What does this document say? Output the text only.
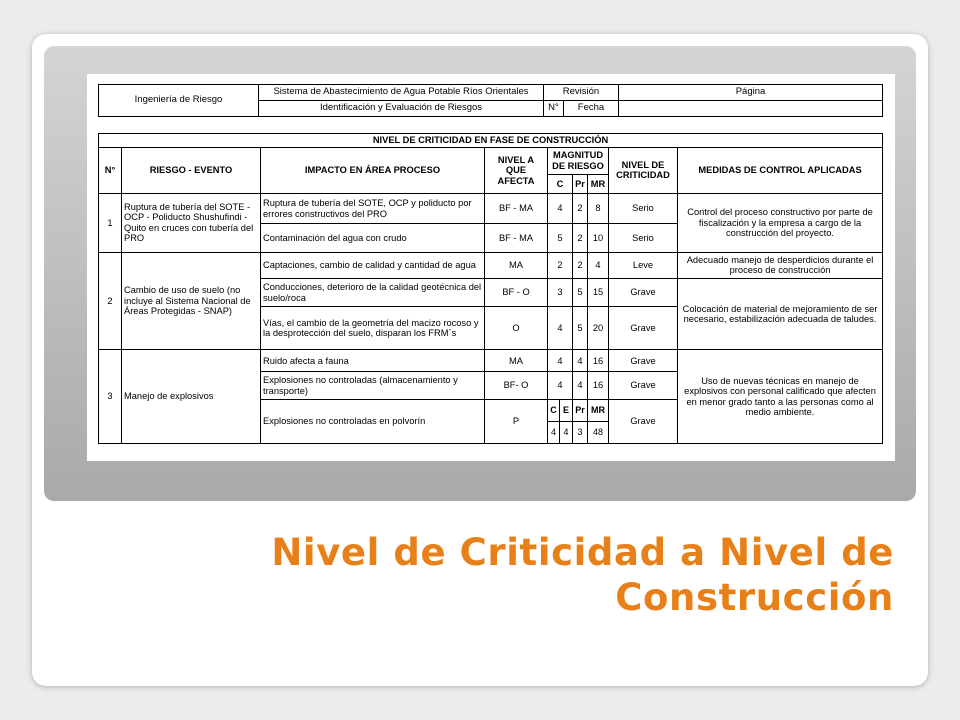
Ingeniería de Riesgo	Sistema de Abastecimiento de Agua Potable Ríos Orientales	Revisión		Página
	Identificación y Evaluación de Riesgos	N°	Fecha	
NIVEL DE CRITICIDAD EN FASE DE CONSTRUCCIÓN									
N°	RIESGO - EVENTO	IMPACTO EN ÁREA PROCESO	NIVEL A QUE AFECTA	MAGNITUD DE RIESGO				NIVEL DE CRITICIDAD	MEDIDAS DE CONTROL APLICADAS
				C		Pr	MR		
1	Ruptura de tubería del SOTE - OCP - Poliducto Shushufindi - Quito en cruces con tubería del PRO	Ruptura de tubería del SOTE, OCP y poliducto por errores constructivos del PRO	BF - MA	4		2	8	Serio	Control del proceso constructivo por parte de fiscalización y la empresa a cargo de la construcción del proyecto.
		Contaminación del agua con crudo	BF - MA	5		2	10	Serio	
2	Cambio de uso de suelo (no incluye al Sistema Nacional de Áreas Protegidas - SNAP)	Captaciones, cambio de calidad y cantidad de agua	MA	2		2	4	Leve	Adecuado manejo de desperdicios durante el proceso de construcción
		Conducciones, deterioro de la calidad geotécnica del suelo/roca	BF - O	3		5	15	Grave	Colocación de material de mejoramiento de ser necesario, estabilización adecuada de taludes.
		Vías, el cambio de la geometría del macizo rocoso y la desprotección del suelo, disparan los FRM´s	O	4		5	20	Grave	
3	Manejo de explosivos	Ruido afecta a fauna	MA	4		4	16	Grave	Uso de nuevas técnicas en manejo de explosivos con personal calificado que afecten en menor grado tanto a las personas como al medio ambiente.
		Explosiones no controladas (almacenamiento y transporte)	BF- O	4		4	16	Grave	
		Explosiones no controladas en polvorín	P	C	E	Pr	MR	Grave	
				4	4	3	48		
Nivel de Criticidad a Nivel de
Construcción
